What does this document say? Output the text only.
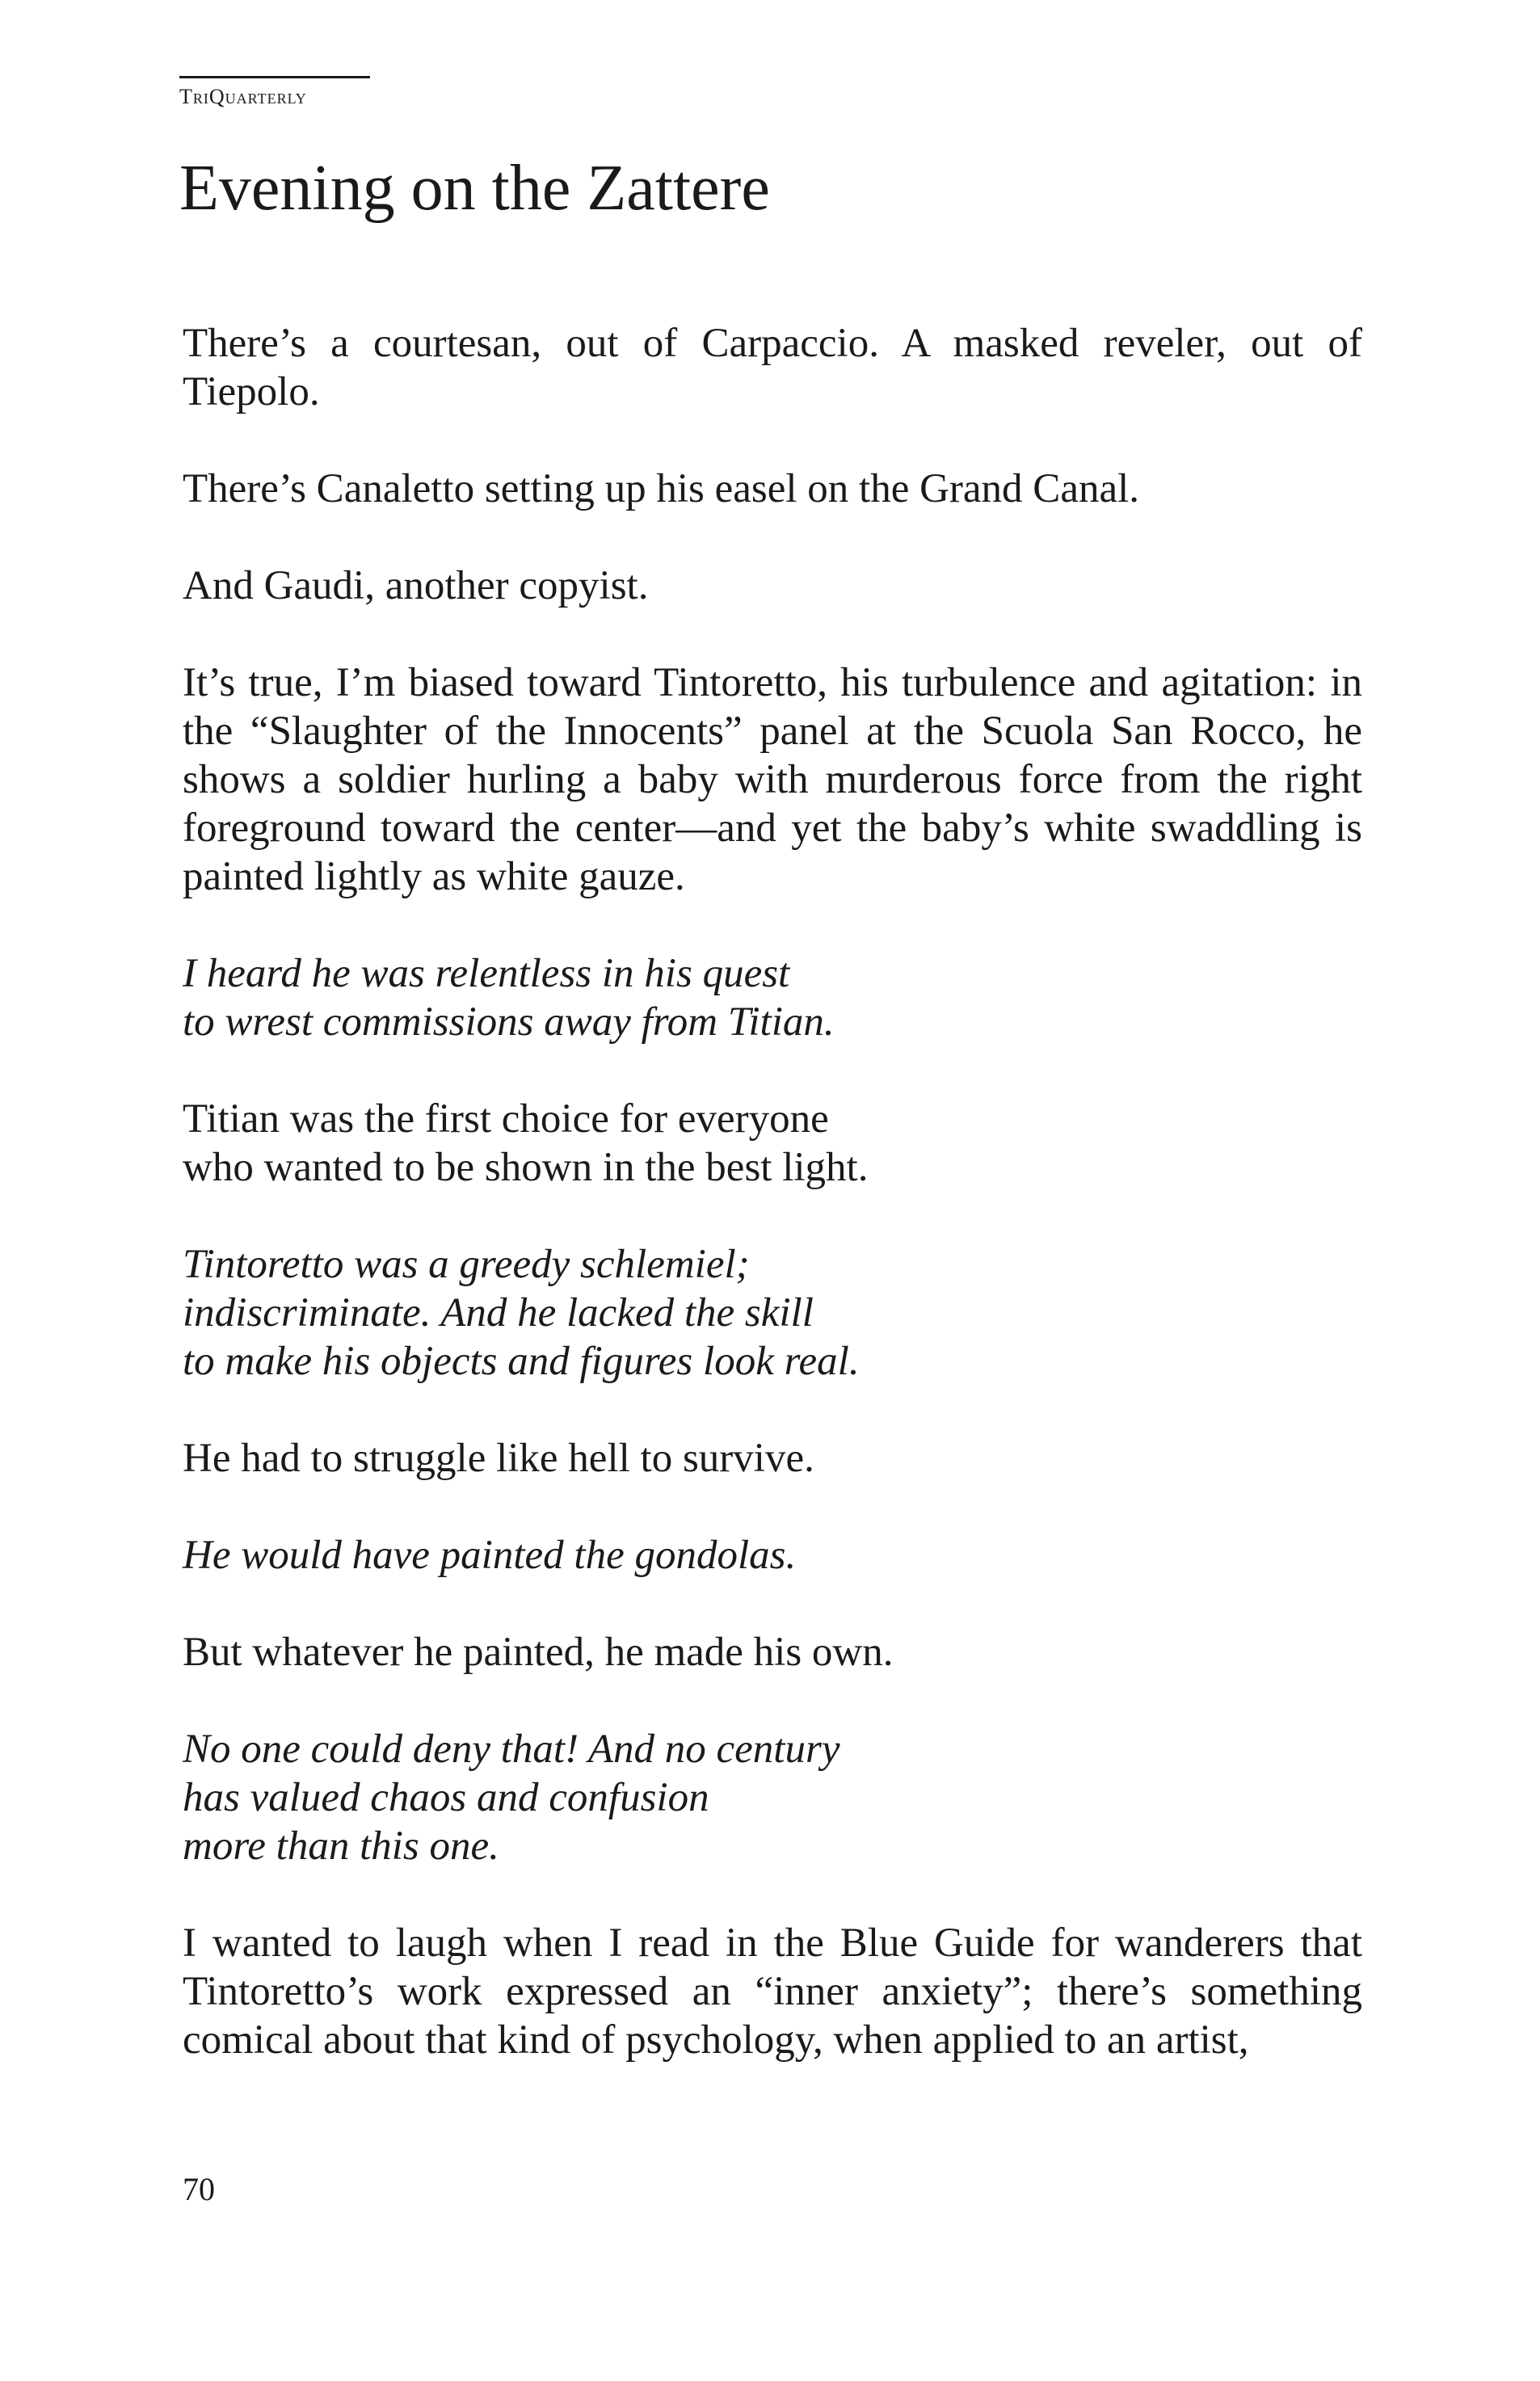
TriQuarterly
Evening on the Zattere
There’s a courtesan, out of Carpaccio. A masked reveler, out of Tiepolo.
There’s Canaletto setting up his easel on the Grand Canal.
And Gaudi, another copyist.
It’s true, I’m biased toward Tintoretto, his turbulence and agitation: in the “Slaughter of the Innocents” panel at the Scuola San Rocco, he shows a soldier hurling a baby with murderous force from the right foreground toward the center—and yet the baby’s white swaddling is painted lightly as white gauze.
I heard he was relentless in his quest
to wrest commissions away from Titian.
Titian was the first choice for everyone
who wanted to be shown in the best light.
Tintoretto was a greedy schlemiel;
indiscriminate. And he lacked the skill
to make his objects and figures look real.
He had to struggle like hell to survive.
He would have painted the gondolas.
But whatever he painted, he made his own.
No one could deny that! And no century
has valued chaos and confusion
more than this one.
I wanted to laugh when I read in the Blue Guide for wanderers that Tintoretto’s work expressed an “inner anxiety”; there’s something comical about that kind of psychology, when applied to an artist,
70
